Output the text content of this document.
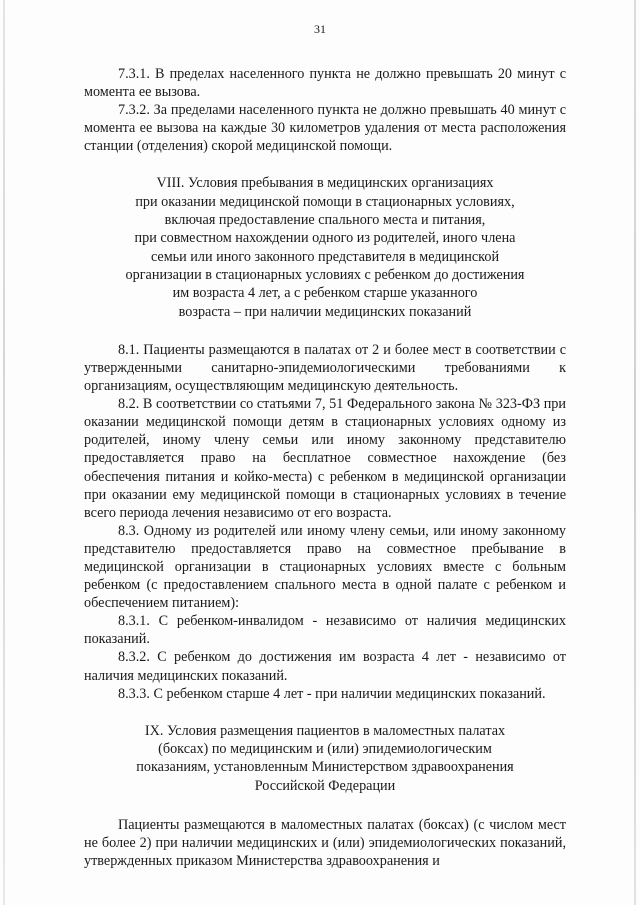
31

7.3.1. В пределах населенного пункта не должно превышать 20 минут с момента ее вызова.

7.3.2. За пределами населенного пункта не должно превышать 40 минут с момента ее вызова на каждые 30 километров удаления от места расположения станции (отделения) скорой медицинской помощи.

VIII. Условия пребывания в медицинских организациях
при оказании медицинской помощи в стационарных условиях,
включая предоставление спального места и питания,
при совместном нахождении одного из родителей, иного члена
семьи или иного законного представителя в медицинской
организации в стационарных условиях с ребенком до достижения
им возраста 4 лет, а с ребенком старше указанного
возраста – при наличии медицинских показаний

8.1. Пациенты размещаются в палатах от 2 и более мест в соответствии с утвержденными санитарно-эпидемиологическими требованиями к организациям, осуществляющим медицинскую деятельность.

8.2. В соответствии со статьями 7, 51 Федерального закона № 323-ФЗ при оказании медицинской помощи детям в стационарных условиях одному из родителей, иному члену семьи или иному законному представителю предоставляется право на бесплатное совместное нахождение (без обеспечения питания и койко-места) с ребенком в медицинской организации при оказании ему медицинской помощи в стационарных условиях в течение всего периода лечения независимо от его возраста.

8.3. Одному из родителей или иному члену семьи, или иному законному представителю предоставляется право на совместное пребывание в медицинской организации в стационарных условиях вместе с больным ребенком (с предоставлением спального места в одной палате с ребенком и обеспечением питанием):

8.3.1. С ребенком-инвалидом - независимо от наличия медицинских показаний.

8.3.2. С ребенком до достижения им возраста 4 лет - независимо от наличия медицинских показаний.

8.3.3. С ребенком старше 4 лет - при наличии медицинских показаний.

IX. Условия размещения пациентов в маломестных палатах
(боксах) по медицинским и (или) эпидемиологическим
показаниям, установленным Министерством здравоохранения
Российской Федерации

Пациенты размещаются в маломестных палатах (боксах) (с числом мест не более 2) при наличии медицинских и (или) эпидемиологических показаний, утвержденных приказом Министерства здравоохранения и
